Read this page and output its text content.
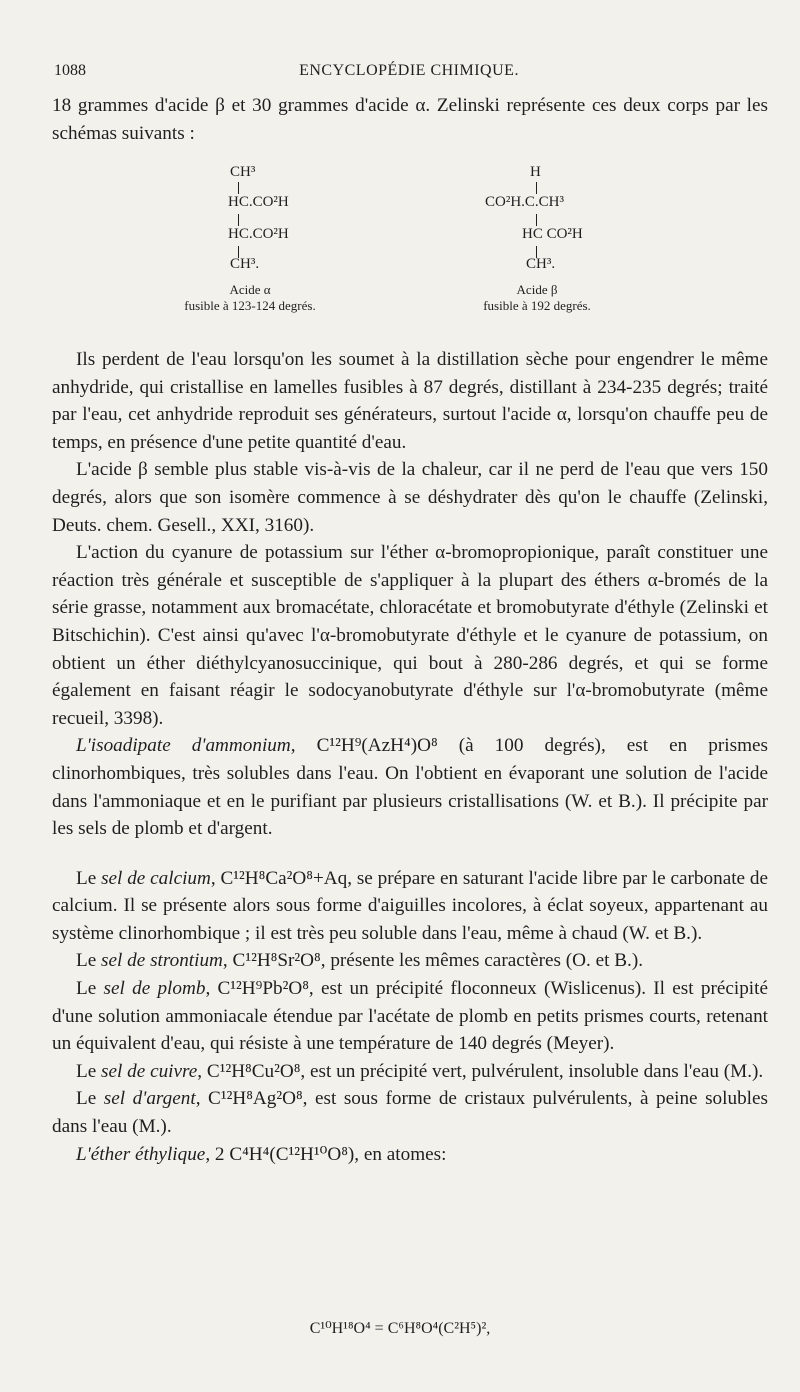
1088	ENCYCLOPÉDIE CHIMIQUE.

18 grammes d'acide β et 30 grammes d'acide α. Zelinski représente ces deux corps par les schémas suivants :

CH³
HC.CO²H
HC.CO²H
CH³.
Acide α
fusible à 123-124 degrés.
H
CO²H.C.CH³
HC CO²H
CH³.
Acide β
fusible à 192 degrés.

Ils perdent de l'eau lorsqu'on les soumet à la distillation sèche pour engendrer le même anhydride, qui cristallise en lamelles fusibles à 87 degrés, distillant à 234-235 degrés; traité par l'eau, cet anhydride reproduit ses générateurs, surtout l'acide α, lorsqu'on chauffe peu de temps, en présence d'une petite quantité d'eau.

L'acide β semble plus stable vis-à-vis de la chaleur, car il ne perd de l'eau que vers 150 degrés, alors que son isomère commence à se déshydrater dès qu'on le chauffe (Zelinski, Deuts. chem. Gesell., XXI, 3160).

L'action du cyanure de potassium sur l'éther α-bromopropionique, paraît constituer une réaction très générale et susceptible de s'appliquer à la plupart des éthers α-bromés de la série grasse, notamment aux bromacétate, chloracétate et bromobutyrate d'éthyle (Zelinski et Bitschichin). C'est ainsi qu'avec l'α-bromobutyrate d'éthyle et le cyanure de potassium, on obtient un éther diéthylcyanosuccinique, qui bout à 280-286 degrés, et qui se forme également en faisant réagir le sodocyanobutyrate d'éthyle sur l'α-bromobutyrate (même recueil, 3398).

L'isoadipate d'ammonium, C¹²H⁹(AzH⁴)O⁸ (à 100 degrés), est en prismes clinorhombiques, très solubles dans l'eau. On l'obtient en évaporant une solution de l'acide dans l'ammoniaque et en le purifiant par plusieurs cristallisations (W. et B.). Il précipite par les sels de plomb et d'argent.

Le sel de calcium, C¹²H⁸Ca²O⁸+Aq, se prépare en saturant l'acide libre par le carbonate de calcium. Il se présente alors sous forme d'aiguilles incolores, à éclat soyeux, appartenant au système clinorhombique ; il est très peu soluble dans l'eau, même à chaud (W. et B.).

Le sel de strontium, C¹²H⁸Sr²O⁸, présente les mêmes caractères (O. et B.).

Le sel de plomb, C¹²H⁹Pb²O⁸, est un précipité floconneux (Wislicenus). Il est précipité d'une solution ammoniacale étendue par l'acétate de plomb en petits prismes courts, retenant un équivalent d'eau, qui résiste à une température de 140 degrés (Meyer).

Le sel de cuivre, C¹²H⁸Cu²O⁸, est un précipité vert, pulvérulent, insoluble dans l'eau (M.).

Le sel d'argent, C¹²H⁸Ag²O⁸, est sous forme de cristaux pulvérulents, à peine solubles dans l'eau (M.).

L'éther éthylique, 2 C⁴H⁴(C¹²H¹⁰O⁸), en atomes:

C¹⁰H¹⁸O⁴ = C⁶H⁸O⁴(C²H⁵)²,
